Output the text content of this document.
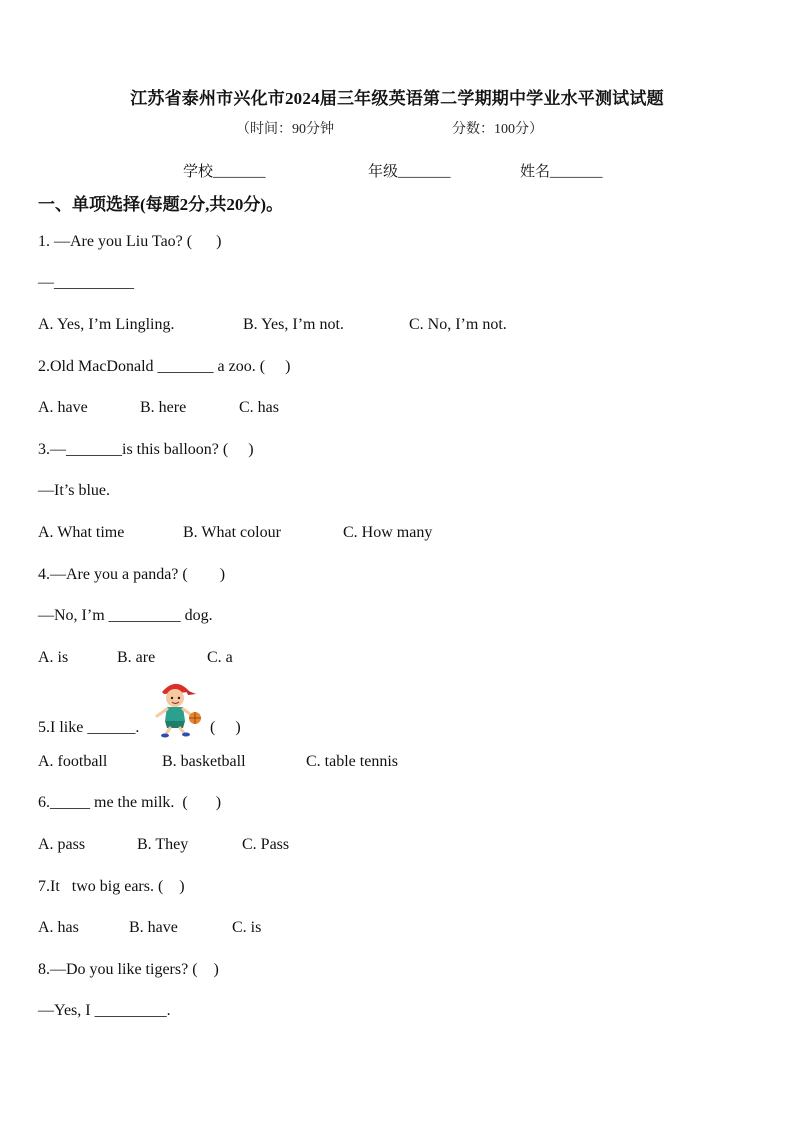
江苏省泰州市兴化市2024届三年级英语第二学期期中学业水平测试试题
（时间：90分钟	分数：100分）
学校_______	年级_______	姓名_______
一、单项选择(每题2分,共20分)。
1. —Are you Liu Tao? (      )
—__________
A. Yes, I’m Lingling.	B. Yes, I’m not.	C. No, I’m not.
2.Old MacDonald _______ a zoo. (     )
A. have	B. here	C. has
3.—_______is this balloon? (     )
—It’s blue.
A. What time	B. What colour	C. How many
4.—Are you a panda? (        )
—No, I’m _________ dog.
A. is	B. are	C. a
5.I like ______.	(     )
A. football	B. basketball	C. table tennis
6._____ me the milk.  (       )
A. pass	B. They	C. Pass
7.It   two big ears. (    )
A. has	B. have	C. is
8.—Do you like tigers? (    )
—Yes, I _________.
